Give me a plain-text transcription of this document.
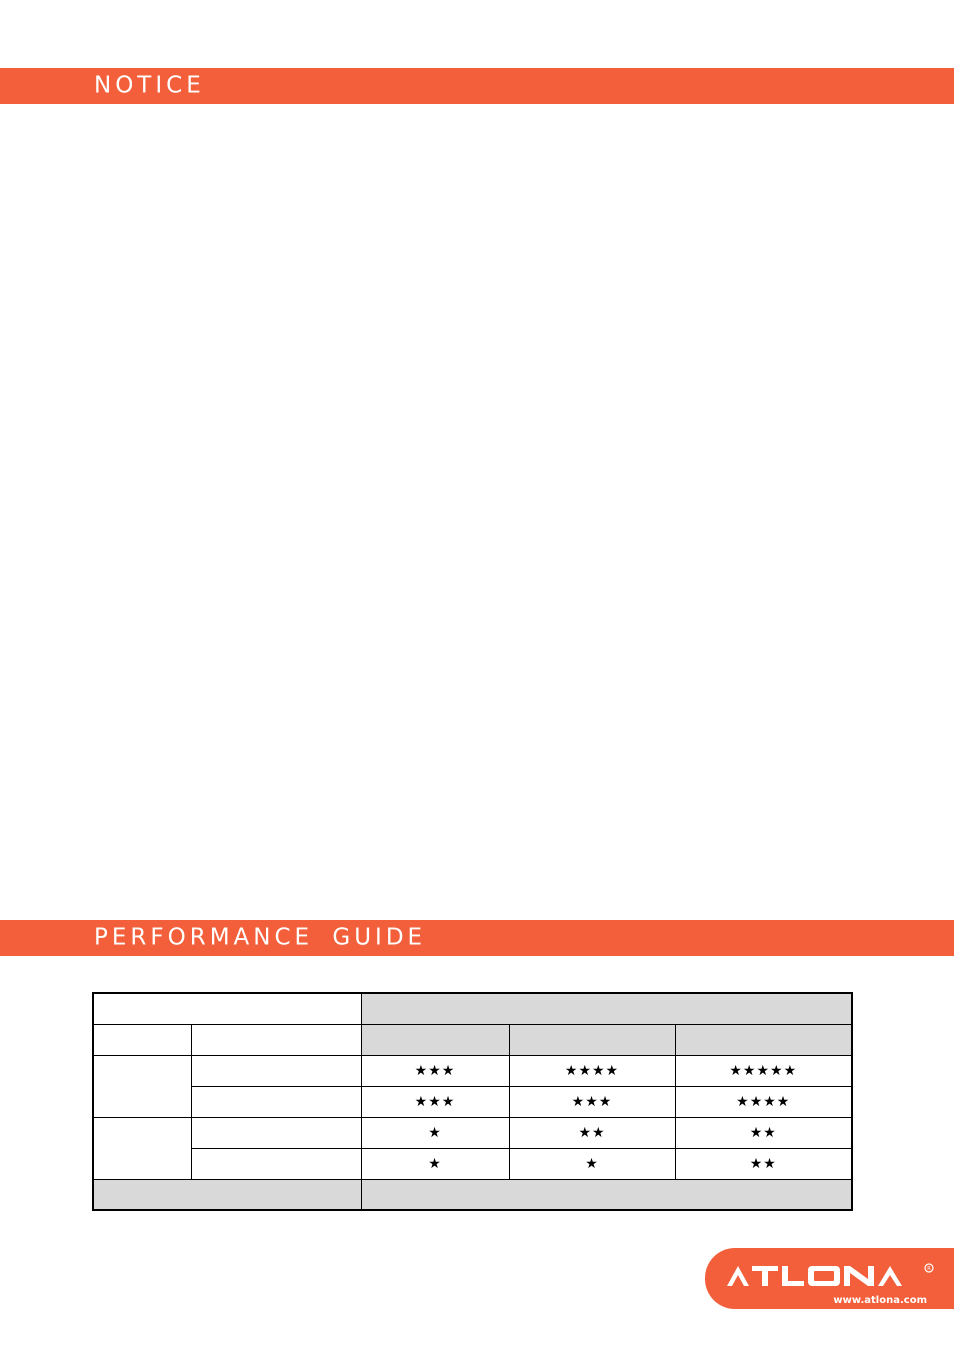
NOTICE
PERFORMANCE GUIDE

		★★★	★★★★	★★★★★
		★★★	★★★	★★★★
		★	★★	★★
		★	★	★★

R
www.atlona.com
